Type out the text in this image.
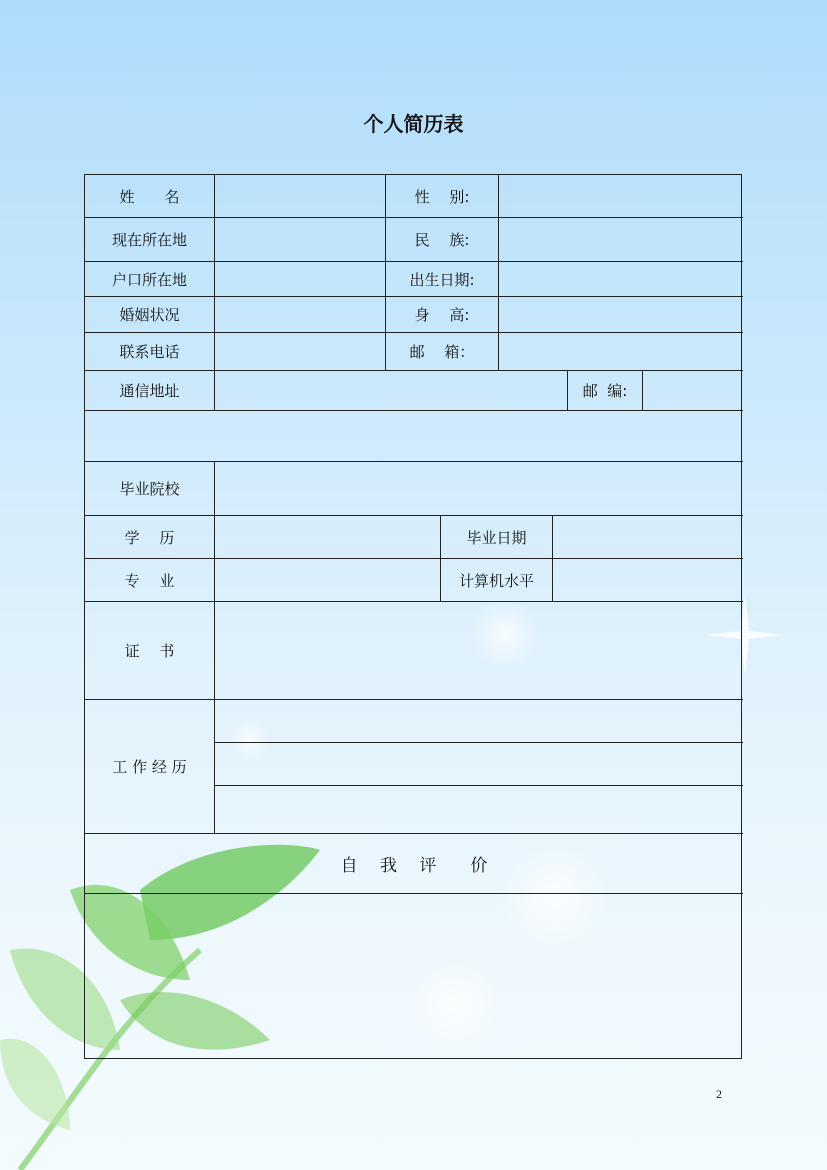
个人简历表
姓　　名	性　 别:
现在所在地	民　 族:
户口所在地	出生日期:
婚姻状况	身　 高:
联系电话	邮　 箱：
通信地址	邮  编:
毕业院校
学　 历	毕业日期
专　 业	计算机水平
证　 书
工 作 经 历
自　 我　 评　　价
2
